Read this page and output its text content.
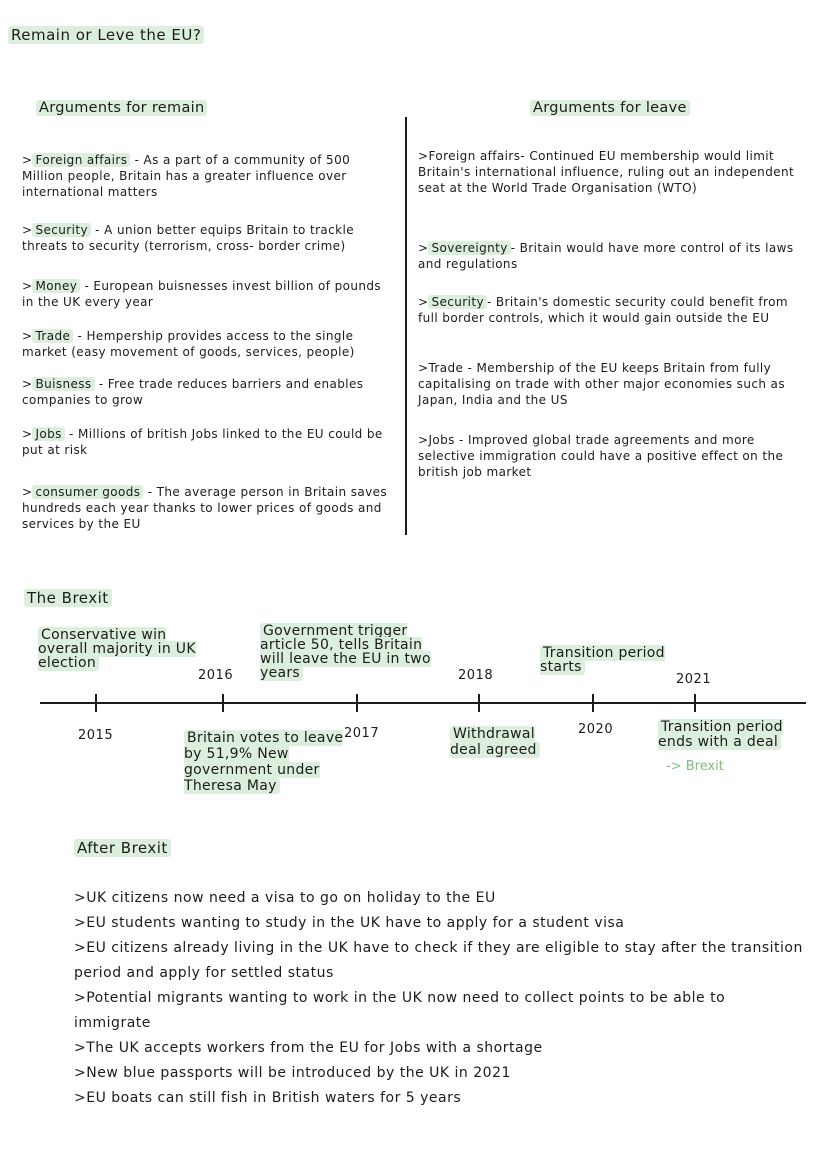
Remain or Leve the EU?
Arguments for remain
> Foreign affairs - As a part of a community of 500 Million people, Britain has a greater influence over international matters
> Security - A union better equips Britain to trackle threats to security (terrorism, cross- border crime)
> Money - European buisnesses invest billion of pounds in the UK every year
> Trade - Hempership provides access to the single market (easy movement of goods, services, people)
> Buisness - Free trade reduces barriers and enables companies to grow
> Jobs - Millions of british Jobs linked to the EU could be put at risk
> consumer goods - The average person in Britain saves hundreds each year thanks to lower prices of goods and services by the EU
Arguments for leave
>Foreign affairs- Continued EU membership would limit Britain's international influence, ruling out an independent seat at the World Trade Organisation (WTO)
> Sovereignty - Britain would have more control of its laws and regulations
> Security - Britain's domestic security could benefit from full border controls, which it would gain outside the EU
>Trade - Membership of the EU keeps Britain from fully capitalising on trade with other major economies such as Japan, India and the US
>Jobs - Improved global trade agreements and more selective immigration could have a positive effect on the british job market
The Brexit
Conservative win overall majority in UK election
Government trigger article 50, tells Britain will leave the EU in two years
Transition period starts
2016	2018	2021
2015	2017	2020
Britain votes to leave by 51,9% New government under Theresa May
Withdrawal deal agreed
Transition period ends with a deal
-> Brexit
After Brexit

>UK citizens now need a visa to go on holiday to the EU

>EU students wanting to study in the UK have to apply for a student visa

>EU citizens already living in the UK have to check if they are eligible to stay after the transition period and apply for settled status

>Potential migrants wanting to work in the UK now need to collect points to be able to immigrate

>The UK accepts workers from the EU for Jobs with a shortage

>New blue passports will be introduced by the UK in 2021

>EU boats can still fish in British waters for 5 years
